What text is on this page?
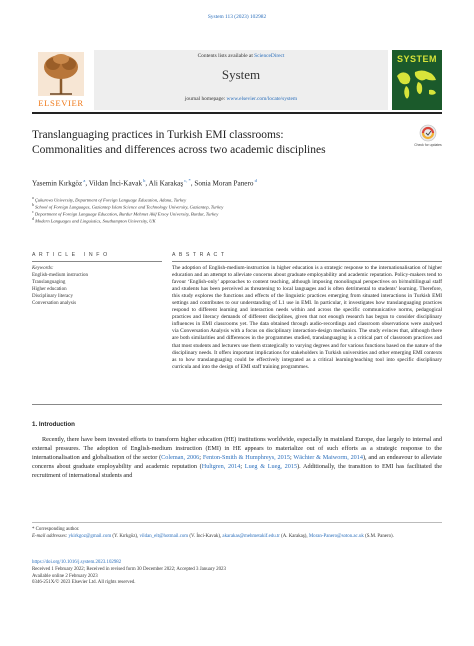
System 113 (2023) 102982
ELSEVIER
Contents lists available at ScienceDirect
System
journal homepage: www.elsevier.com/locate/system
SYSTEM
Translanguaging practices in Turkish EMI classrooms:
Commonalities and differences across two academic disciplines	Check for updates
Yasemin Kırkgöz $^a$, Vildan İnci-Kavak $^b$, Ali Karakaş $^{c, *}$, Sonia Moran Panero $^d$
$^a$ Çukurova University, Department of Foreign Language Education, Adana, Turkey
$^b$ School of Foreign Languages, Gaziantep Islam Science and Technology University, Gaziantep, Turkey
$^c$ Department of Foreign Language Education, Burdur Mehmet Akif Ersoy University, Burdur, Turkey
$^d$ Modern Languages and Linguistics, Southampton University, UK
A R T I C L E   I N F O	A B S T R A C T
Keywords:
English-medium instruction
Translanguaging
Higher education
Disciplinary literacy
Conversation analysis
The adoption of English-medium-instruction in higher education is a strategic response to the internationalisation of higher education and an attempt to alleviate concerns about graduate employability and academic reputation. Policy-makers tend to favour ‘English-only’ approaches to content teaching, although imposing monolingual perspectives on bi/multilingual staff and students has been perceived as threatening to local languages and is often detrimental to students’ learning. Therefore, this study explores the functions and effects of the linguistic practices emerging from situated interactions in Turkish EMI settings and contributes to our understanding of L1 use in EMI. In particular, it investigates how translanguaging practices respond to different learning and interaction needs within and across the specific communicative norms, pedagogical practices and literacy demands of different disciplines, given that not enough research has begun to consider disciplinary influences in EMI classrooms yet. The data obtained through audio-recordings and classroom observations were analysed via Conversation Analysis with a focus on disciplinary interaction-design mechanics. The study evinces that, although there are both similarities and differences in the programmes studied, translanguaging is a critical part of classroom practices and that most students and lecturers use them strategically to varying degrees and for various functions based on the nature of the disciplinary needs. It offers important implications for stakeholders in Turkish universities and other emerging EMI contexts as to how translanguaging could be effectively integrated as a critical learning/teaching tool into specific disciplinary curricula and into the design of EMI staff training programmes.
1. Introduction
Recently, there have been invested efforts to transform higher education (HE) institutions worldwide, especially in mainland Europe, due largely to internal and external pressures. The adoption of English-medium instruction (EMI) in HE appears to materialize out of such efforts as a strategic response to the internationalisation and globalisation of the sector (Coleman, 2006; Fenton-Smith & Humphreys, 2015; Wächter & Maiworm, 2014), and an endeavour to alleviate concerns about graduate employability and academic reputation (Hultgren, 2014; Lueg & Lueg, 2015). Additionally, the transition to EMI has facilitated the recruitment of international students and
* Corresponding author.
E-mail addresses: ykirkgoz@gmail.com (Y. Kırkgöz), vildan_elt@hotmail.com (V. İnci-Kavak), akarakas@mehmetakif.edu.tr (A. Karakaş), Moran-Panero@soton.ac.uk (S.M. Panero).
https://doi.org/10.1016/j.system.2023.102982
Received 1 February 2022; Received in revised form 30 December 2022; Accepted 3 January 2023
Available online 2 February 2023
0346-251X/© 2023 Elsevier Ltd. All rights reserved.
